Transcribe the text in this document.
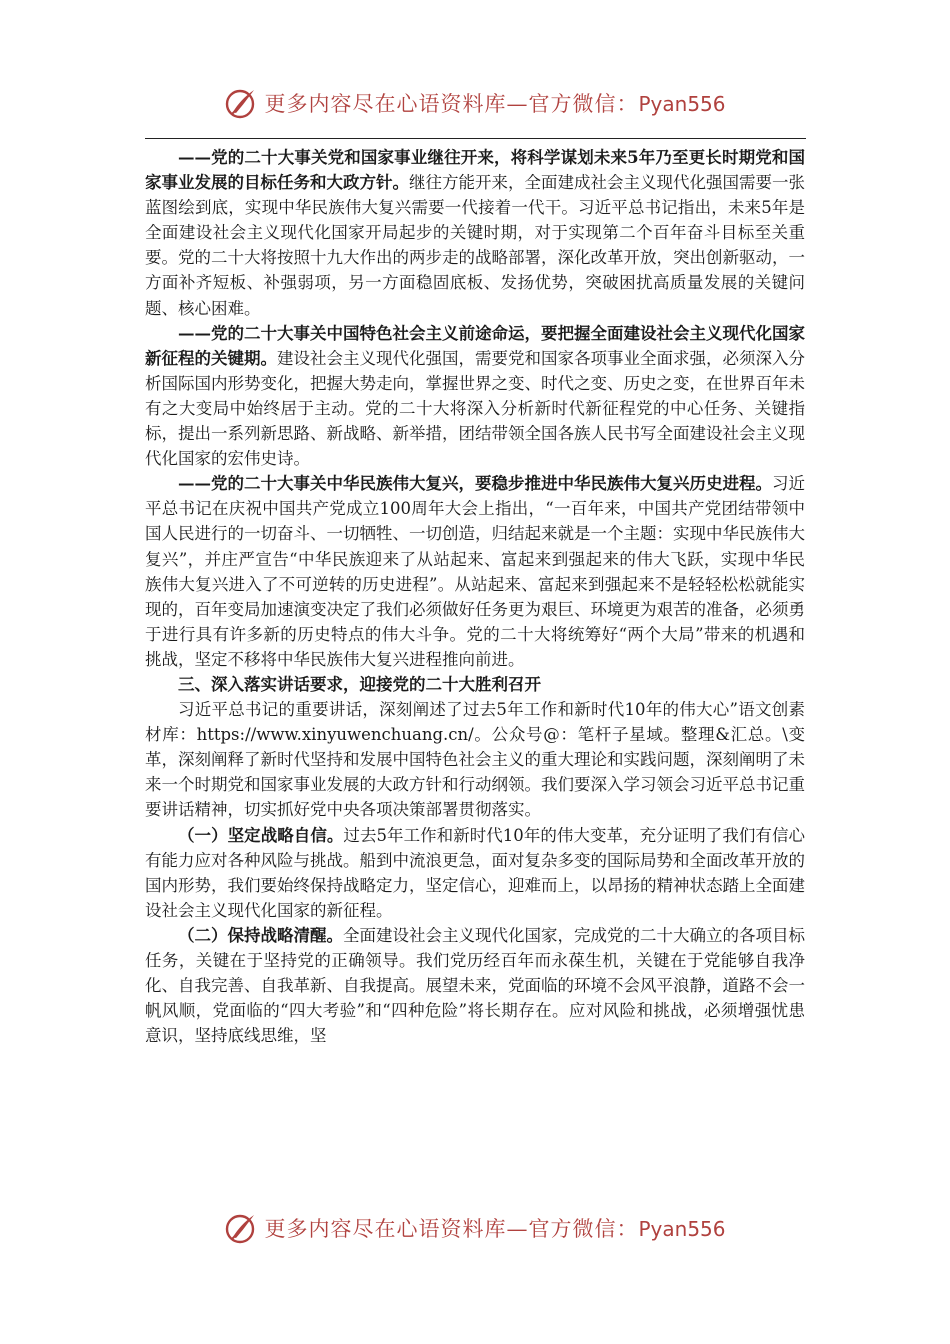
更多内容尽在心语资料库—官方微信：Pyan556

——党的二十大事关党和国家事业继往开来，将科学谋划未来5年乃至更长时期党和国家事业发展的目标任务和大政方针。继往方能开来，全面建成社会主义现代化强国需要一张蓝图绘到底，实现中华民族伟大复兴需要一代接着一代干。习近平总书记指出，未来5年是全面建设社会主义现代化国家开局起步的关键时期，对于实现第二个百年奋斗目标至关重要。党的二十大将按照十九大作出的两步走的战略部署，深化改革开放，突出创新驱动，一方面补齐短板、补强弱项，另一方面稳固底板、发扬优势，突破困扰高质量发展的关键问题、核心困难。

——党的二十大事关中国特色社会主义前途命运，要把握全面建设社会主义现代化国家新征程的关键期。建设社会主义现代化强国，需要党和国家各项事业全面求强，必须深入分析国际国内形势变化，把握大势走向，掌握世界之变、时代之变、历史之变，在世界百年未有之大变局中始终居于主动。党的二十大将深入分析新时代新征程党的中心任务、关键指标，提出一系列新思路、新战略、新举措，团结带领全国各族人民书写全面建设社会主义现代化国家的宏伟史诗。

——党的二十大事关中华民族伟大复兴，要稳步推进中华民族伟大复兴历史进程。习近平总书记在庆祝中国共产党成立100周年大会上指出，“一百年来，中国共产党团结带领中国人民进行的一切奋斗、一切牺牲、一切创造，归结起来就是一个主题：实现中华民族伟大复兴”，并庄严宣告“中华民族迎来了从站起来、富起来到强起来的伟大飞跃，实现中华民族伟大复兴进入了不可逆转的历史进程”。从站起来、富起来到强起来不是轻轻松松就能实现的，百年变局加速演变决定了我们必须做好任务更为艰巨、环境更为艰苦的准备，必须勇于进行具有许多新的历史特点的伟大斗争。党的二十大将统筹好“两个大局”带来的机遇和挑战，坚定不移将中华民族伟大复兴进程推向前进。

三、深入落实讲话要求，迎接党的二十大胜利召开

习近平总书记的重要讲话，深刻阐述了过去5年工作和新时代10年的伟大心”语文创素材库：https://www.xinyuwenchuang.cn/。公众号@：笔杆子星域。整理&汇总。\变革，深刻阐释了新时代坚持和发展中国特色社会主义的重大理论和实践问题，深刻阐明了未来一个时期党和国家事业发展的大政方针和行动纲领。我们要深入学习领会习近平总书记重要讲话精神，切实抓好党中央各项决策部署贯彻落实。

（一）坚定战略自信。过去5年工作和新时代10年的伟大变革，充分证明了我们有信心有能力应对各种风险与挑战。船到中流浪更急，面对复杂多变的国际局势和全面改革开放的国内形势，我们要始终保持战略定力，坚定信心，迎难而上，以昂扬的精神状态踏上全面建设社会主义现代化国家的新征程。

（二）保持战略清醒。全面建设社会主义现代化国家，完成党的二十大确立的各项目标任务，关键在于坚持党的正确领导。我们党历经百年而永葆生机，关键在于党能够自我净化、自我完善、自我革新、自我提高。展望未来，党面临的环境不会风平浪静，道路不会一帆风顺，党面临的“四大考验”和“四种危险”将长期存在。应对风险和挑战，必须增强忧患意识，坚持底线思维，坚

更多内容尽在心语资料库—官方微信：Pyan556
